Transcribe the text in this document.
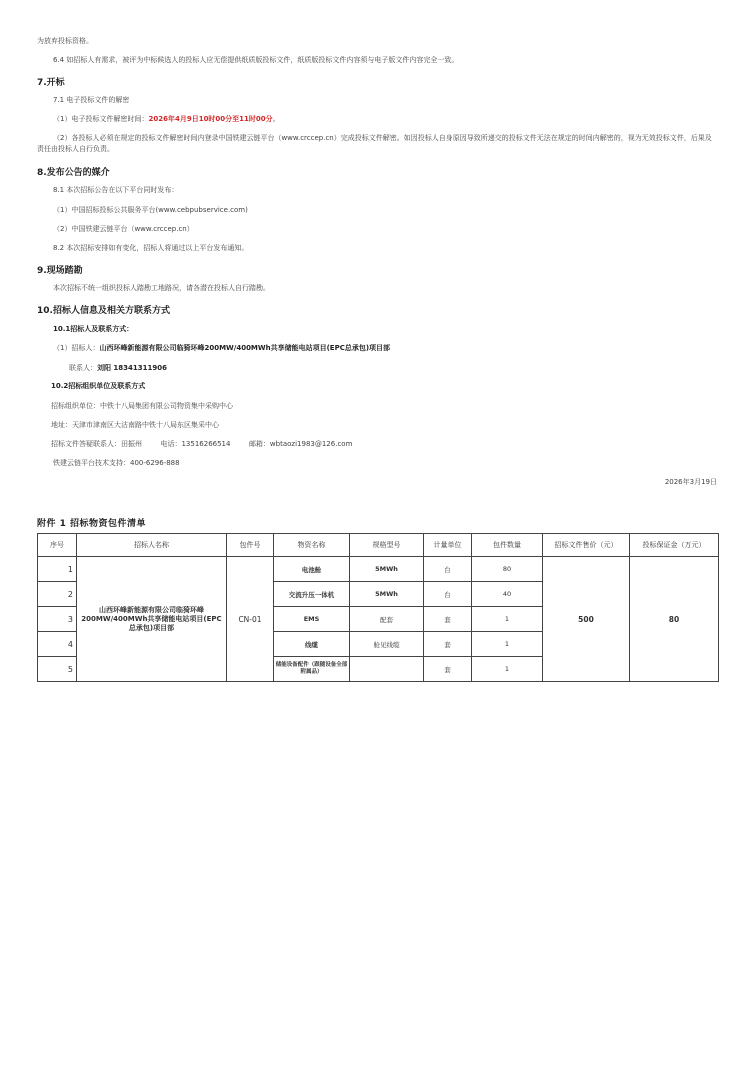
为放弃投标资格。
6.4 如招标人有需求，被评为中标候选人的投标人应无偿提供纸质版投标文件，纸质版投标文件内容须与电子版文件内容完全一致。
7.开标
7.1 电子投标文件的解密
（1）电子投标文件解密时间：2026年4月9日10时00分至11时00分。
（2）各投标人必须在规定的投标文件解密时间内登录中国铁建云链平台（www.crccep.cn）完成投标文件解密。如因投标人自身原因导致所递交的投标文件无法在规定的时间内解密的，视为无效投标文件，后果及责任由投标人自行负责。
8.发布公告的媒介
8.1 本次招标公告在以下平台同时发布：
（1）中国招标投标公共服务平台(www.cebpubservice.com)
（2）中国铁建云链平台（www.crccep.cn）
8.2 本次招标安排如有变化，招标人将通过以上平台发布通知。
9.现场踏勘
本次招标不统一组织投标人踏勘工地路况，请各潜在投标人自行踏勘。
10.招标人信息及相关方联系方式
10.1招标人及联系方式：
（1）招标人：山西环峰新能源有限公司临猗环峰200MW/400MWh共享储能电站项目(EPC总承包)项目部
联系人：刘阳 18341311906
10.2招标组织单位及联系方式
招标组织单位：中铁十八局集团有限公司物资集中采购中心
地址：天津市津南区大沽南路中铁十八局东区集采中心
招标文件答疑联系人：田振州	电话：13516266514	邮箱：wbtaozi1983@126.com
铁建云链平台技术支持：400-6296-888
2026年3月19日
附件 1 招标物资包件清单
序号	招标人名称	包件号	物资名称	规格型号	计量单位	包件数量	招标文件售价（元）	投标保证金（万元）
1	山西环峰新能源有限公司临猗环峰200MW/400MWh共享储能电站项目(EPC总承包)项目部	CN-01	电池舱	5MWh	台	80	500	80
2			交流升压一体机	5MWh	台	40		
3			EMS	配套	套	1		
4			线缆	舱见线缆	套	1		
5			储能设备配件（跟随设备全部附属品）		套	1		
